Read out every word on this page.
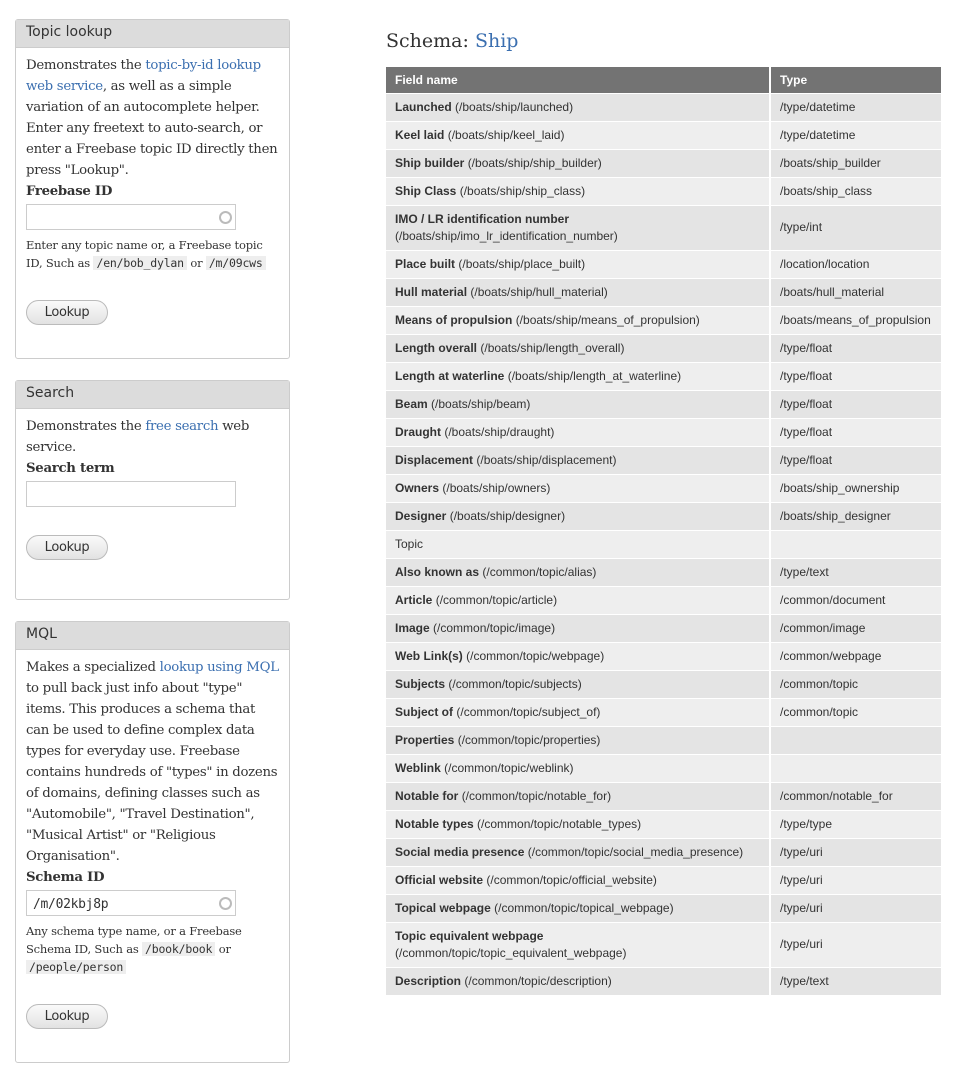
Topic lookup

Demonstrates the topic-by-id lookup web service, as well as a simple variation of an autocomplete helper. Enter any freetext to auto-search, or enter a Freebase topic ID directly then press "Lookup".

Freebase ID
Enter any topic name or, a Freebase topic ID, Such as /en/bob_dylan or /m/09cws
Lookup
Search

Demonstrates the free search web service.

Search term
Lookup
MQL

Makes a specialized lookup using MQL to pull back just info about "type" items. This produces a schema that can be used to define complex data types for everyday use. Freebase contains hundreds of "types" in dozens of domains, defining classes such as "Automobile", "Travel Destination", "Musical Artist" or "Religious Organisation".

Schema ID
/m/02kbj8p
Any schema type name, or a Freebase Schema ID, Such as /book/book or /people/person
Lookup
Schema: Ship
Field name	Type
Launched (/boats/ship/launched)	/type/datetime
Keel laid (/boats/ship/keel_laid)	/type/datetime
Ship builder (/boats/ship/ship_builder)	/boats/ship_builder
Ship Class (/boats/ship/ship_class)	/boats/ship_class
IMO / LR identification number
(/boats/ship/imo_lr_identification_number)	/type/int
Place built (/boats/ship/place_built)	/location/location
Hull material (/boats/ship/hull_material)	/boats/hull_material
Means of propulsion (/boats/ship/means_of_propulsion)	/boats/means_of_propulsion
Length overall (/boats/ship/length_overall)	/type/float
Length at waterline (/boats/ship/length_at_waterline)	/type/float
Beam (/boats/ship/beam)	/type/float
Draught (/boats/ship/draught)	/type/float
Displacement (/boats/ship/displacement)	/type/float
Owners (/boats/ship/owners)	/boats/ship_ownership
Designer (/boats/ship/designer)	/boats/ship_designer
Topic	
Also known as (/common/topic/alias)	/type/text
Article (/common/topic/article)	/common/document
Image (/common/topic/image)	/common/image
Web Link(s) (/common/topic/webpage)	/common/webpage
Subjects (/common/topic/subjects)	/common/topic
Subject of (/common/topic/subject_of)	/common/topic
Properties (/common/topic/properties)	
Weblink (/common/topic/weblink)	
Notable for (/common/topic/notable_for)	/common/notable_for
Notable types (/common/topic/notable_types)	/type/type
Social media presence (/common/topic/social_media_presence)	/type/uri
Official website (/common/topic/official_website)	/type/uri
Topical webpage (/common/topic/topical_webpage)	/type/uri
Topic equivalent webpage
(/common/topic/topic_equivalent_webpage)	/type/uri
Description (/common/topic/description)	/type/text
